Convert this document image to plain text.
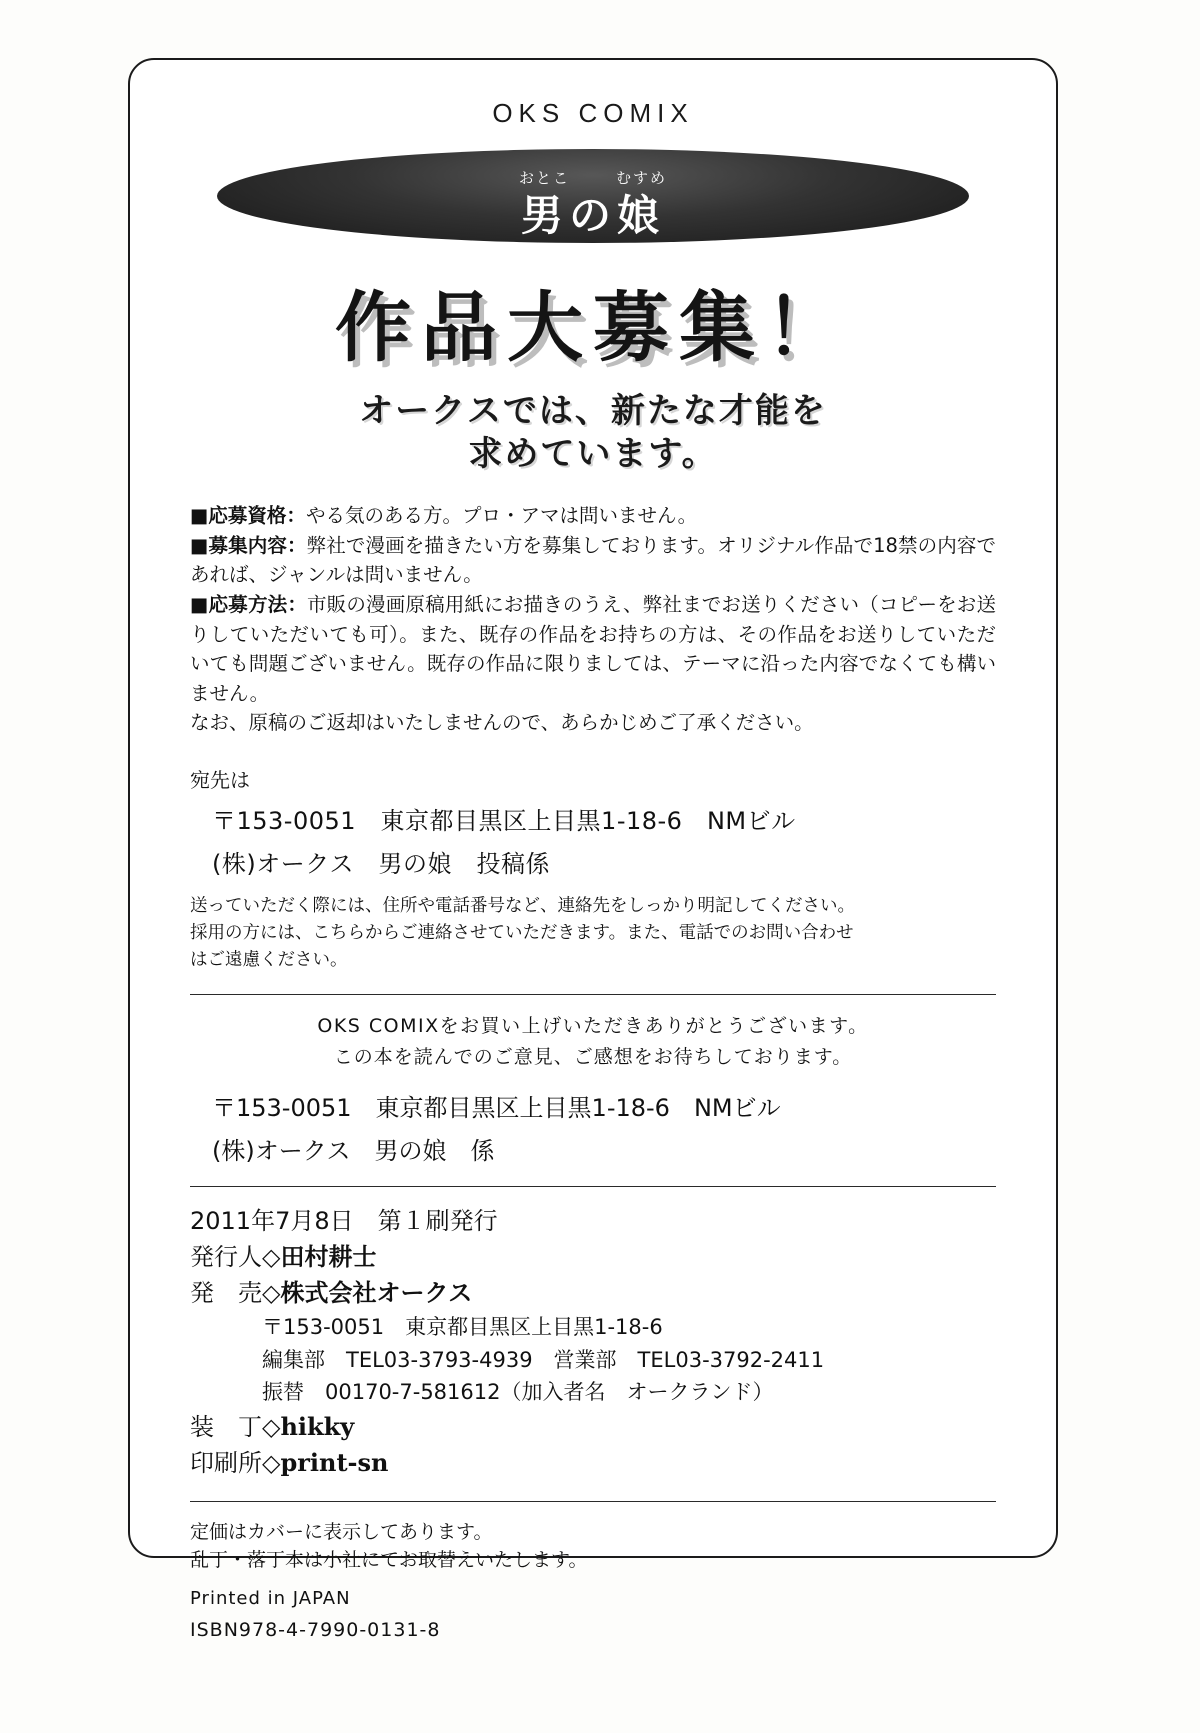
OKS COMIX
おとこ	むすめ
男の娘
作品大募集！
オークスでは、新たな才能を
求めています。

■応募資格：やる気のある方。プロ・アマは問いません。

■募集内容：弊社で漫画を描きたい方を募集しております。オリジナル作品で18禁の内容であれば、ジャンルは問いません。

■応募方法：市販の漫画原稿用紙にお描きのうえ、弊社までお送りください（コピーをお送りしていただいても可）。また、既存の作品をお持ちの方は、その作品をお送りしていただいても問題ございません。既存の作品に限りましては、テーマに沿った内容でなくても構いません。

なお、原稿のご返却はいたしませんので、あらかじめご了承ください。

宛先は
〒153-0051　東京都目黒区上目黒1-18-6　NMビル
(株)オークス　男の娘　投稿係
送っていただく際には、住所や電話番号など、連絡先をしっかり明記してください。
採用の方には、こちらからご連絡させていただきます。また、電話でのお問い合わせ
はご遠慮ください。
OKS COMIXをお買い上げいただきありがとうございます。
この本を読んでのご意見、ご感想をお待ちしております。
〒153-0051　東京都目黒区上目黒1-18-6　NMビル
(株)オークス　男の娘　係
2011年7月8日　第１刷発行
発行人◇田村耕士
発　売◇株式会社オークス
〒153-0051　東京都目黒区上目黒1-18-6
編集部　TEL03-3793-4939　営業部　TEL03-3792-2411
振替　00170-7-581612（加入者名　オークランド）
装　丁◇hikky
印刷所◇print-sn
定価はカバーに表示してあります。
乱丁・落丁本は小社にてお取替えいたします。
Printed in JAPAN
ISBN978-4-7990-0131-8
